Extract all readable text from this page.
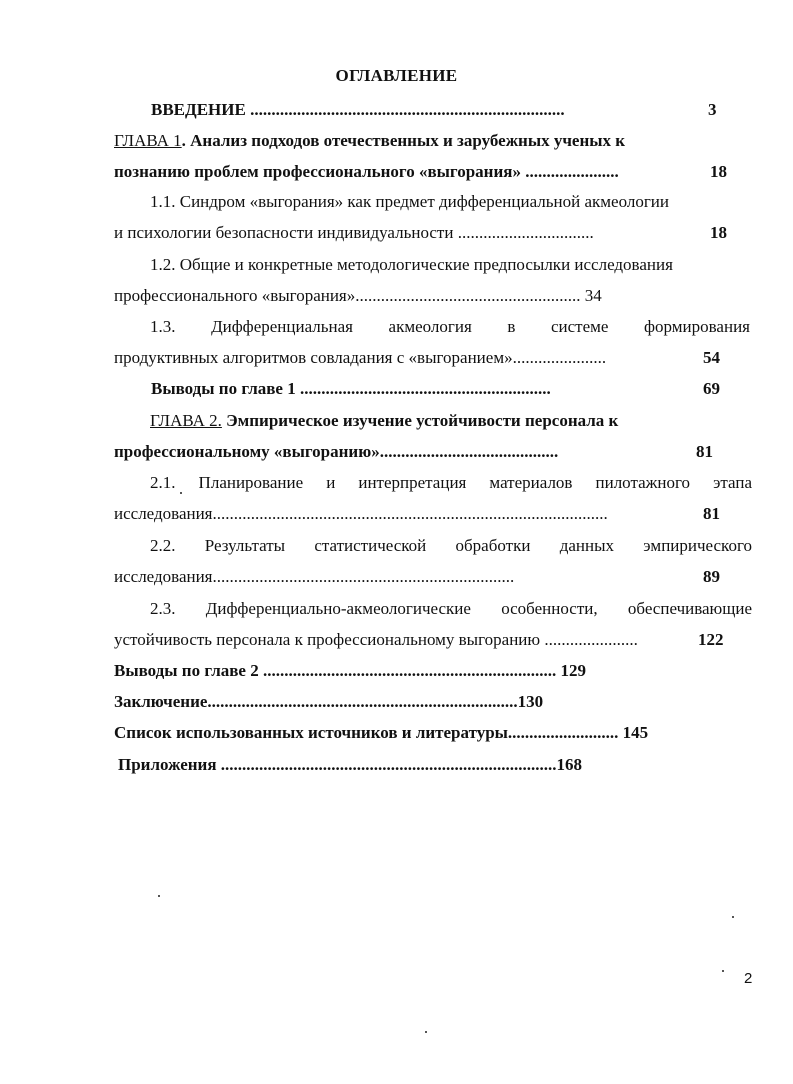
ОГЛАВЛЕНИЕ
ВВЕДЕНИЕ ..........................................................................	3
ГЛАВА 1. Анализ подходов отечественных и зарубежных ученых к
познанию проблем профессионального «выгорания» ......................	18
1.1. Синдром «выгорания» как предмет дифференциальной акмеологии
и психологии безопасности индивидуальности ................................	18
1.2. Общие и конкретные методологические предпосылки исследования
профессионального «выгорания»..................................................... 34
1.3. Дифференциальная акмеология в системе формирования
продуктивных алгоритмов совладания с «выгоранием»......................	54
Выводы по главе 1 ...........................................................	69
ГЛАВА 2. Эмпирическое изучение устойчивости персонала к
профессиональному «выгоранию»..........................................	81
2.1. Планирование и интерпретация материалов пилотажного этапа
исследования.............................................................................................	81
2.2. Результаты статистической обработки данных эмпирического
исследования.......................................................................	89
2.3. Дифференциально-акмеологические особенности, обеспечивающие
устойчивость персонала к профессиональному выгоранию ......................	122
Выводы по главе 2 ..................................................................... 129
Заключение.........................................................................130
Список использованных источников и литературы.......................... 145
Приложения ...............................................................................168
2
